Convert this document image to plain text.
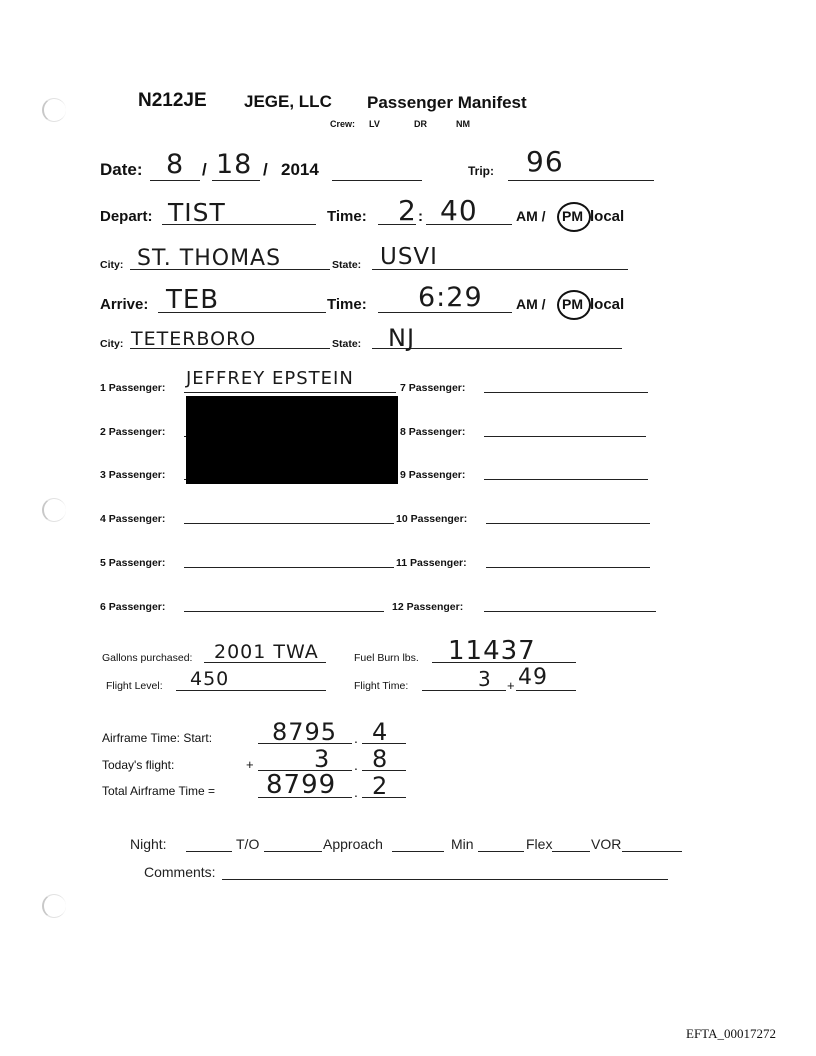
N212JE JEGE, LLC Passenger Manifest
Crew: LV	DR	NM
Date: 8 / 18 / 2014	Trip: 96
Depart: TIST	Time: 2 : 40	AM / PM local
City: ST. THOMAS	State: USVI
Arrive: TEB	Time: 6:29 AM / PM local
City: TETERBORO	State: NJ
1 Passenger: JEFFREY EPSTEIN
2 Passenger:
3 Passenger:
4 Passenger:
5 Passenger:
6 Passenger:
7 Passenger:
8 Passenger:
9 Passenger:
10 Passenger:
11 Passenger:
12 Passenger:
Gallons purchased: 2001 TWA	Fuel Burn lbs. 11437
Flight Level: 450	Flight Time:	3 + 49
Airframe Time: Start: 8795 . 4
Today's flight:	+	3 . 8
Total Airframe Time = 8799 . 2
Night:	T/O	Approach	Min	Flex	VOR
Comments:
EFTA_00017272
